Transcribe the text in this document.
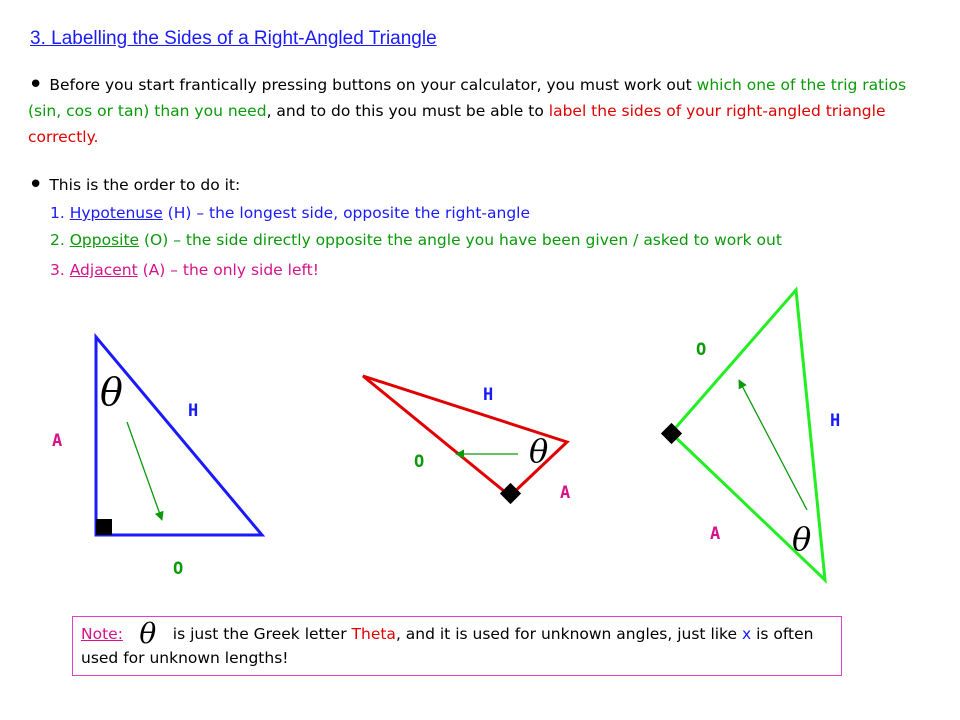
3. Labelling the Sides of a Right-Angled Triangle
• Before you start frantically pressing buttons on your calculator, you must work out which one of the trig ratios (sin, cos or tan) than you need, and to do this you must be able to label the sides of your right-angled triangle correctly.
• This is the order to do it:
1. Hypotenuse (H) – the longest side, opposite the right-angle
2. Opposite (O) – the side directly opposite the angle you have been given / asked to work out
3. Adjacent (A) – the only side left!
θ	H
A
O
θ
H
O
A
θ
O
H
A
Note: θ is just the Greek letter Theta, and it is used for unknown angles, just like x is often used for unknown lengths!
